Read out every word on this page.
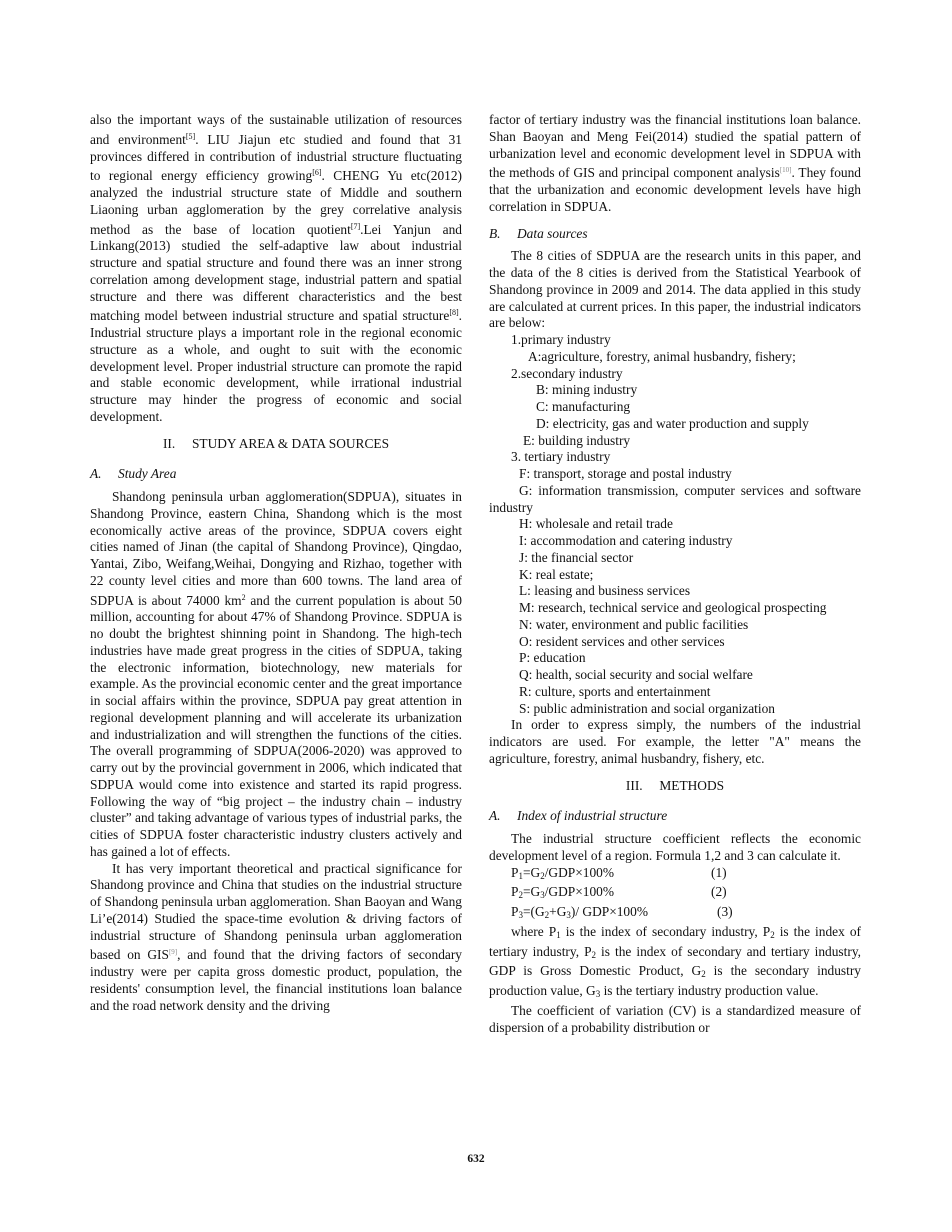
also the important ways of the sustainable utilization of resources and environment[5]. LIU Jiajun etc studied and found that 31 provinces differed in contribution of industrial structure fluctuating to regional energy efficiency growing[6]. CHENG Yu etc(2012) analyzed the industrial structure state of Middle and southern Liaoning urban agglomeration by the grey correlative analysis method as the base of location quotient[7].Lei Yanjun and Linkang(2013) studied the self-adaptive law about industrial structure and spatial structure and found there was an inner strong correlation among development stage, industrial pattern and spatial structure and there was different characteristics and the best matching model between industrial structure and spatial structure[8]. Industrial structure plays a important role in the regional economic structure as a whole, and ought to suit with the economic development level. Proper industrial structure can promote the rapid and stable economic development, while irrational industrial structure may hinder the progress of economic and social development.

II.     STUDY AREA & DATA SOURCES

A. Study Area

Shandong peninsula urban agglomeration(SDPUA), situates in Shandong Province, eastern China, Shandong which is the most economically active areas of the province, SDPUA covers eight cities named of Jinan (the capital of Shandong Province), Qingdao, Yantai, Zibo, Weifang,Weihai, Dongying and Rizhao, together with 22 county level cities and more than 600 towns. The land area of SDPUA is about 74000 $km^2$ and the current population is about 50 million, accounting for about 47% of Shandong Province. SDPUA is no doubt the brightest shinning point in Shandong. The high-tech industries have made great progress in the cities of SDPUA, taking the electronic information, biotechnology, new materials for example. As the provincial economic center and the great importance in social affairs within the province, SDPUA pay great attention in regional development planning and will accelerate its urbanization and industrialization and will strengthen the functions of the cities. The overall programming of SDPUA(2006-2020) was approved to carry out by the provincial government in 2006, which indicated that SDPUA would come into existence and started its rapid progress. Following the way of “big project – the industry chain – industry cluster” and taking advantage of various types of industrial parks, the cities of SDPUA foster characteristic industry clusters actively and has gained a lot of effects.

It has very important theoretical and practical significance for Shandong province and China that studies on the industrial structure of Shandong peninsula urban agglomeration. Shan Baoyan and Wang Li’e(2014) Studied the space-time evolution & driving factors of industrial structure of Shandong peninsula urban agglomeration based on GIS[9], and found that the driving factors of secondary industry were per capita gross domestic product, population, the residents' consumption level, the financial institutions loan balance and the road network density and the driving

factor of tertiary industry was the financial institutions loan balance. Shan Baoyan and Meng Fei(2014) studied the spatial pattern of urbanization level and economic development level in SDPUA with the methods of GIS and principal component analysis[10]. They found that the urbanization and economic development levels have high correlation in SDPUA.

B. Data sources

The 8 cities of SDPUA are the research units in this paper, and the data of the 8 cities is derived from the Statistical Yearbook of Shandong province in 2009 and 2014. The data applied in this study are calculated at current prices. In this paper, the industrial indicators are below:

1.primary industry

A:agriculture, forestry, animal husbandry, fishery;

2.secondary industry

B: mining industry

C: manufacturing

D: electricity, gas and water production and supply

E: building industry

3. tertiary industry

F: transport, storage and postal industry

G: information transmission, computer services and software industry

H: wholesale and retail trade

I: accommodation and catering industry

J: the financial sector

K: real estate;

L: leasing and business services

M: research, technical service and geological prospecting

N: water, environment and public facilities

O: resident services and other services

P: education

Q: health, social security and social welfare

R: culture, sports and entertainment

S: public administration and social organization

In order to express simply, the numbers of the industrial indicators are used. For example, the letter "A" means the agriculture, forestry, animal husbandry, fishery, etc.

III.     METHODS

A. Index of industrial structure

The industrial structure coefficient reflects the economic development level of a region. Formula 1,2 and 3 can calculate it.

$P_1=G_2/GDP\times 100\%$	(1)

$P_2=G_3/GDP\times 100\%$	(2)

$P_3=(G_2+G_3)/$ GDP×100%	(3)

where $P_1$ is the index of secondary industry, $P_2$ is the index of tertiary industry, $P_2$ is the index of secondary and tertiary industry, GDP is Gross Domestic Product, $G_2$ is the secondary industry production value, $G_3$ is the tertiary industry production value.

The coefficient of variation (CV) is a standardized measure of dispersion of a probability distribution or

632
